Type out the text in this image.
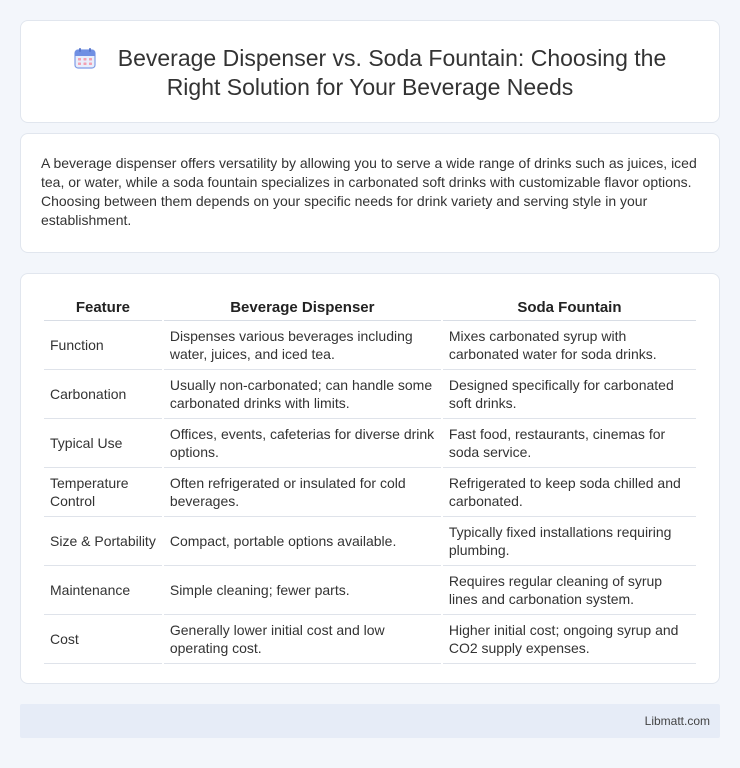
Beverage Dispenser vs. Soda Fountain: Choosing the Right Solution for Your Beverage Needs

A beverage dispenser offers versatility by allowing you to serve a wide range of drinks such as juices, iced tea, or water, while a soda fountain specializes in carbonated soft drinks with customizable flavor options. Choosing between them depends on your specific needs for drink variety and serving style in your establishment.

Feature	Beverage Dispenser	Soda Fountain
Function	Dispenses various beverages including water, juices, and iced tea.	Mixes carbonated syrup with carbonated water for soda drinks.
Carbonation	Usually non-carbonated; can handle some carbonated drinks with limits.	Designed specifically for carbonated soft drinks.
Typical Use	Offices, events, cafeterias for diverse drink options.	Fast food, restaurants, cinemas for soda service.
Temperature Control	Often refrigerated or insulated for cold beverages.	Refrigerated to keep soda chilled and carbonated.
Size & Portability	Compact, portable options available.	Typically fixed installations requiring plumbing.
Maintenance	Simple cleaning; fewer parts.	Requires regular cleaning of syrup lines and carbonation system.
Cost	Generally lower initial cost and low operating cost.	Higher initial cost; ongoing syrup and CO2 supply expenses.
Libmatt.com
